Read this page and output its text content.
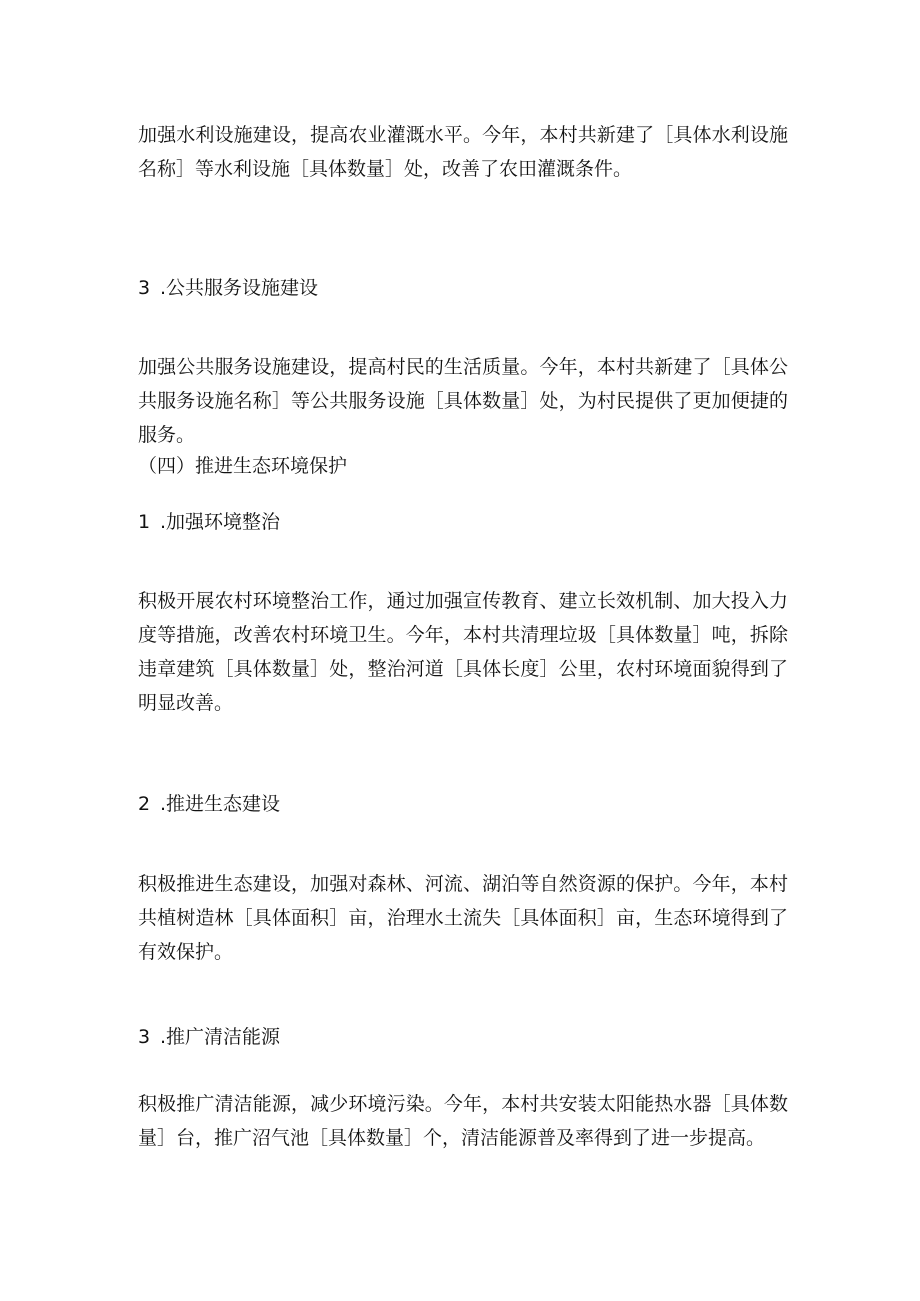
加强水利设施建设，提高农业灌溉水平。今年，本村共新建了［具体水利设施名称］等水利设施［具体数量］处，改善了农田灌溉条件。

3 .公共服务设施建设

加强公共服务设施建设，提高村民的生活质量。今年，本村共新建了［具体公共服务设施名称］等公共服务设施［具体数量］处，为村民提供了更加便捷的服务。

（四）推进生态环境保护
1 .加强环境整治

积极开展农村环境整治工作，通过加强宣传教育、建立长效机制、加大投入力度等措施，改善农村环境卫生。今年，本村共清理垃圾［具体数量］吨，拆除违章建筑［具体数量］处，整治河道［具体长度］公里，农村环境面貌得到了明显改善。

2 .推进生态建设

积极推进生态建设，加强对森林、河流、湖泊等自然资源的保护。今年，本村共植树造林［具体面积］亩，治理水土流失［具体面积］亩，生态环境得到了有效保护。

3 .推广清洁能源

积极推广清洁能源，减少环境污染。今年，本村共安装太阳能热水器［具体数量］台，推广沼气池［具体数量］个，清洁能源普及率得到了进一步提高。
